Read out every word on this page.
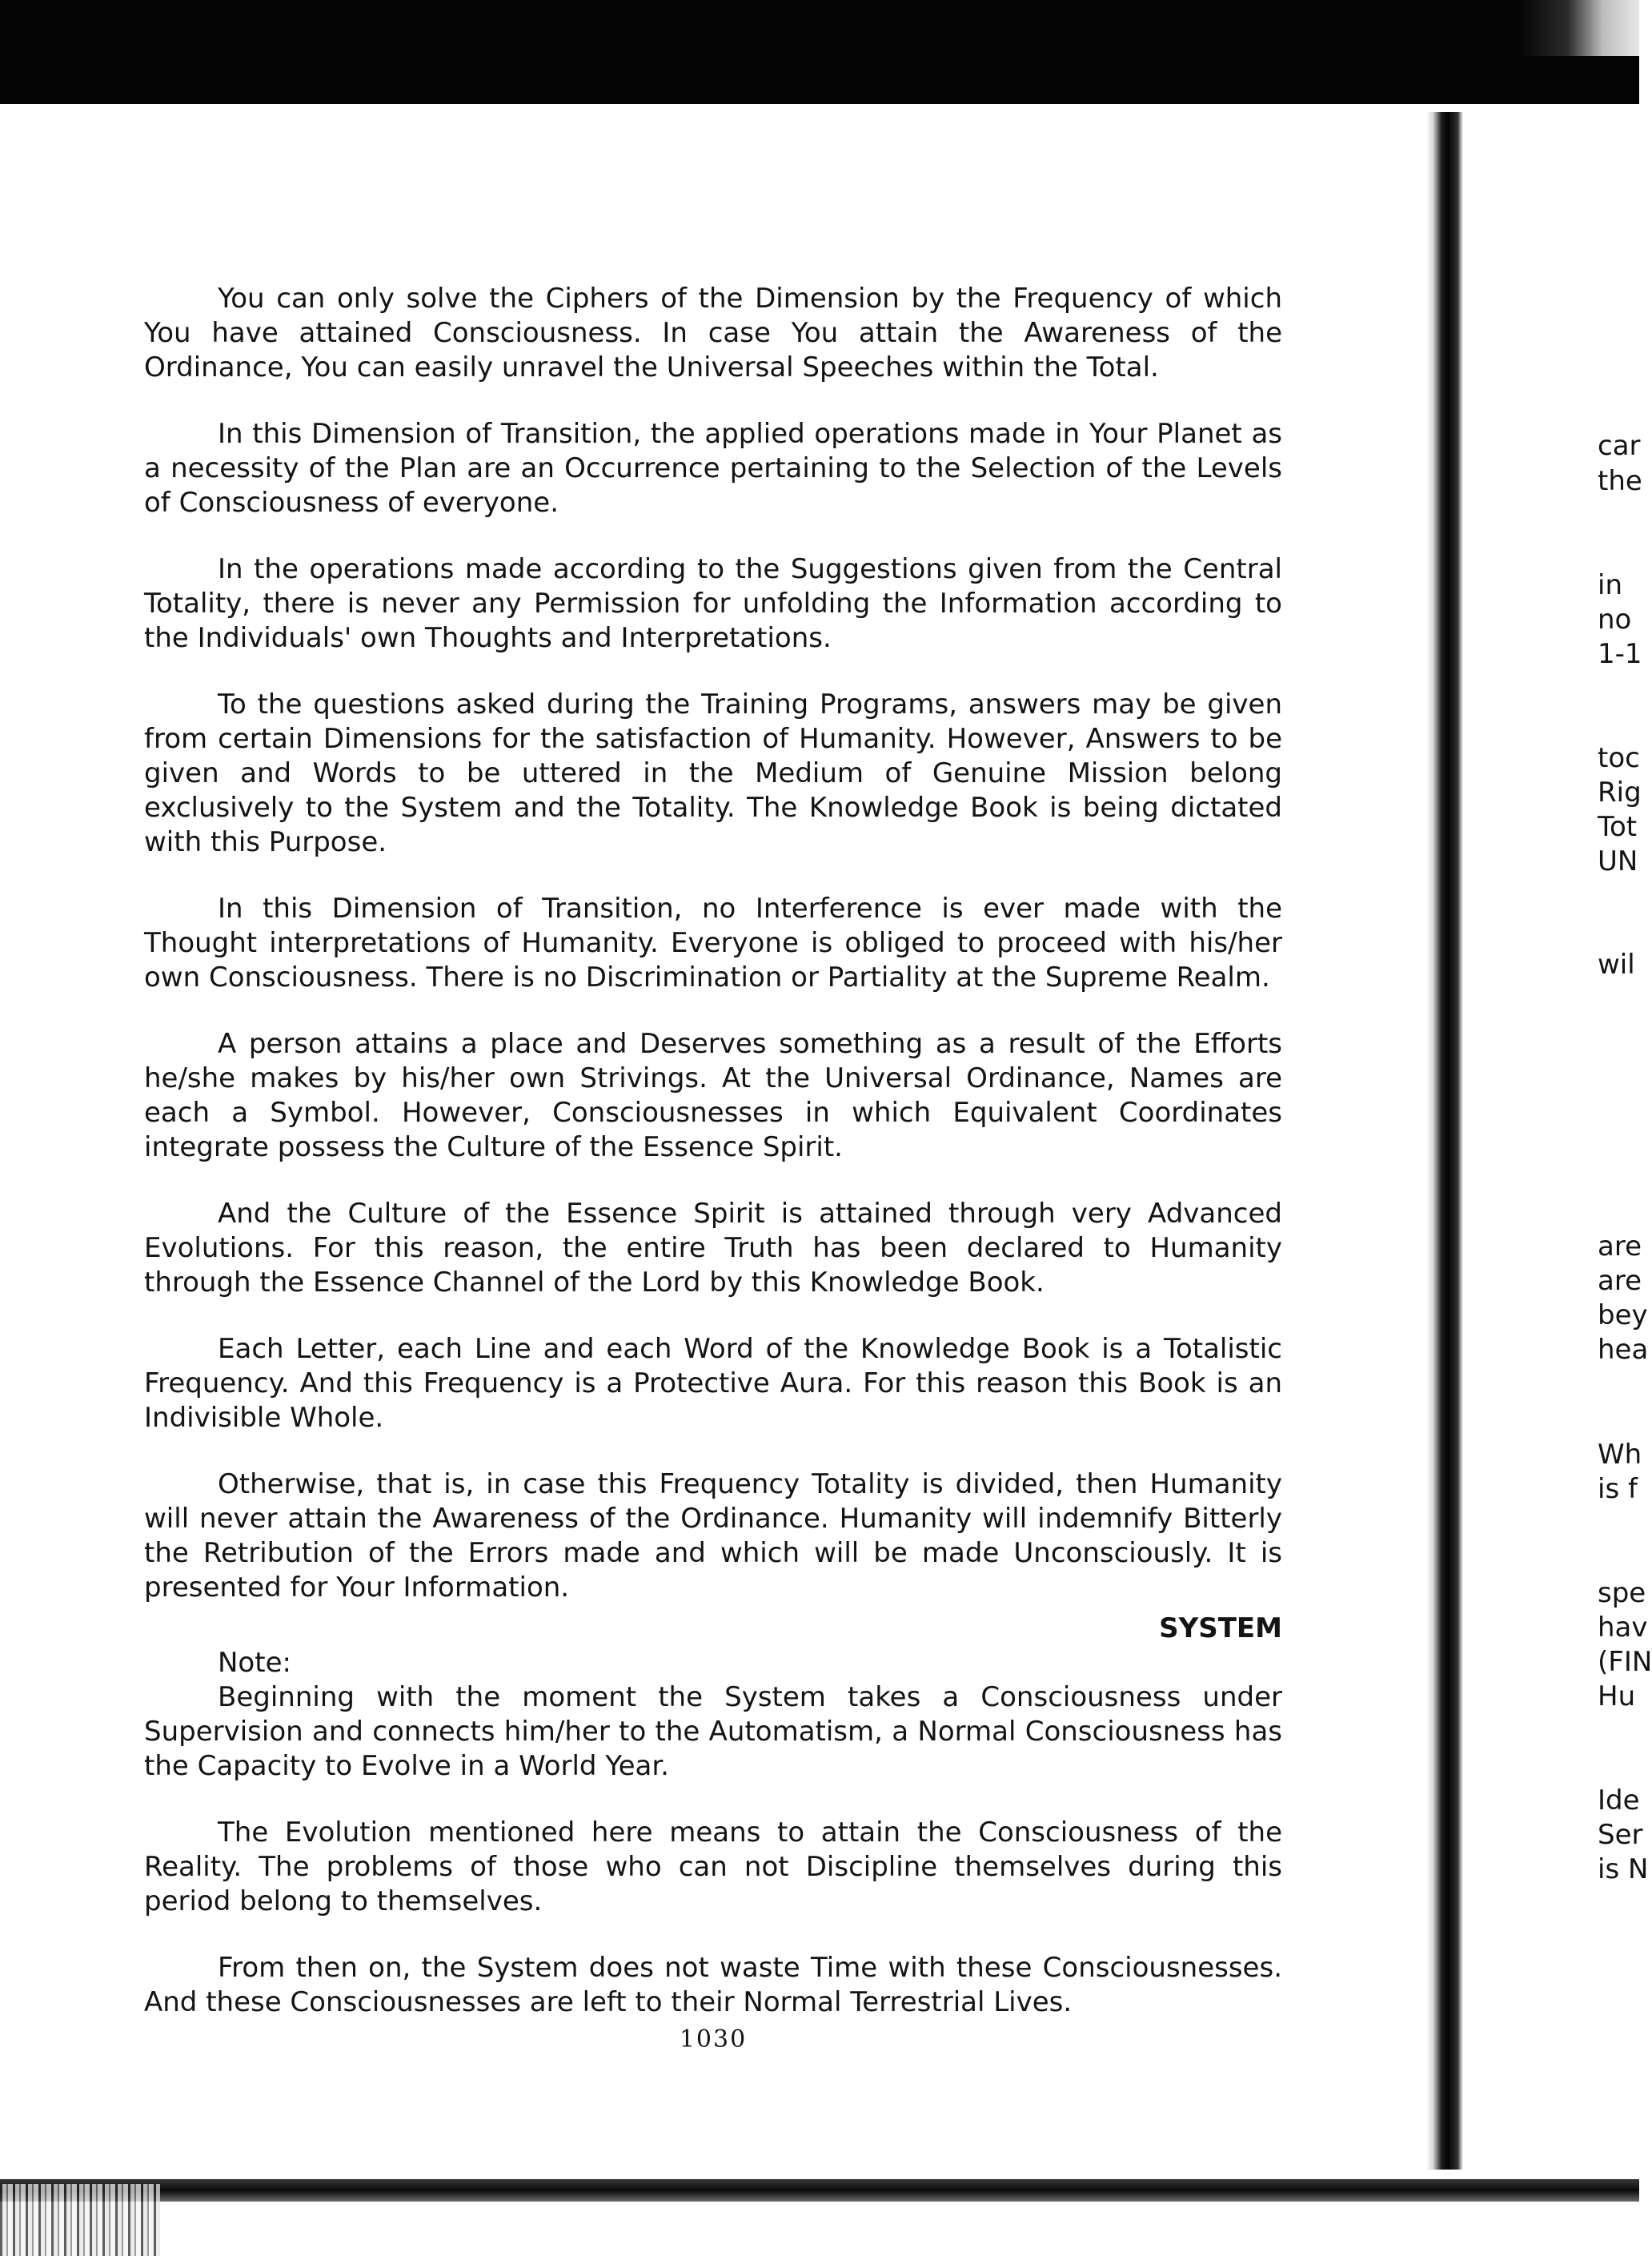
You can only solve the Ciphers of the Dimension by the Frequency of which You have attained Consciousness. In case You attain the Awareness of the Ordinance, You can easily unravel the Universal Speeches within the Total.

In this Dimension of Transition, the applied operations made in Your Planet as a necessity of the Plan are an Occurrence pertaining to the Selection of the Levels of Consciousness of everyone.

In the operations made according to the Suggestions given from the Central Totality, there is never any Permission for unfolding the Information according to the Individuals' own Thoughts and Interpretations.

To the questions asked during the Training Programs, answers may be given from certain Dimensions for the satisfaction of Humanity. However, Answers to be given and Words to be uttered in the Medium of Genuine Mission belong exclusively to the System and the Totality. The Knowledge Book is being dictated with this Purpose.

In this Dimension of Transition, no Interference is ever made with the Thought interpretations of Humanity. Everyone is obliged to proceed with his/her own Consciousness. There is no Discrimination or Partiality at the Supreme Realm.

A person attains a place and Deserves something as a result of the Efforts he/she makes by his/her own Strivings. At the Universal Ordinance, Names are each a Symbol. However, Consciousnesses in which Equivalent Coordinates integrate possess the Culture of the Essence Spirit.

And the Culture of the Essence Spirit is attained through very Advanced Evolutions. For this reason, the entire Truth has been declared to Humanity through the Essence Channel of the Lord by this Knowledge Book.

Each Letter, each Line and each Word of the Knowledge Book is a Totalistic Frequency. And this Frequency is a Protective Aura. For this reason this Book is an Indivisible Whole.

Otherwise, that is, in case this Frequency Totality is divided, then Humanity will never attain the Awareness of the Ordinance. Humanity will indemnify Bitterly the Retribution of the Errors made and which will be made Unconsciously. It is presented for Your Information.

SYSTEM
Note:

Beginning with the moment the System takes a Consciousness under Supervision and connects him/her to the Automatism, a Normal Consciousness has the Capacity to Evolve in a World Year.

The Evolution mentioned here means to attain the Consciousness of the Reality. The problems of those who can not Discipline themselves during this period belong to themselves.

From then on, the System does not waste Time with these Consciousnesses. And these Consciousnesses are left to their Normal Terrestrial Lives.

1030
car
the
in
no
1-1
toc
Rig
Tot
UN
wil
are
are
bey
hea
Wh
is f
spe
hav
(FIN
Hu
Ide
Ser
is N
